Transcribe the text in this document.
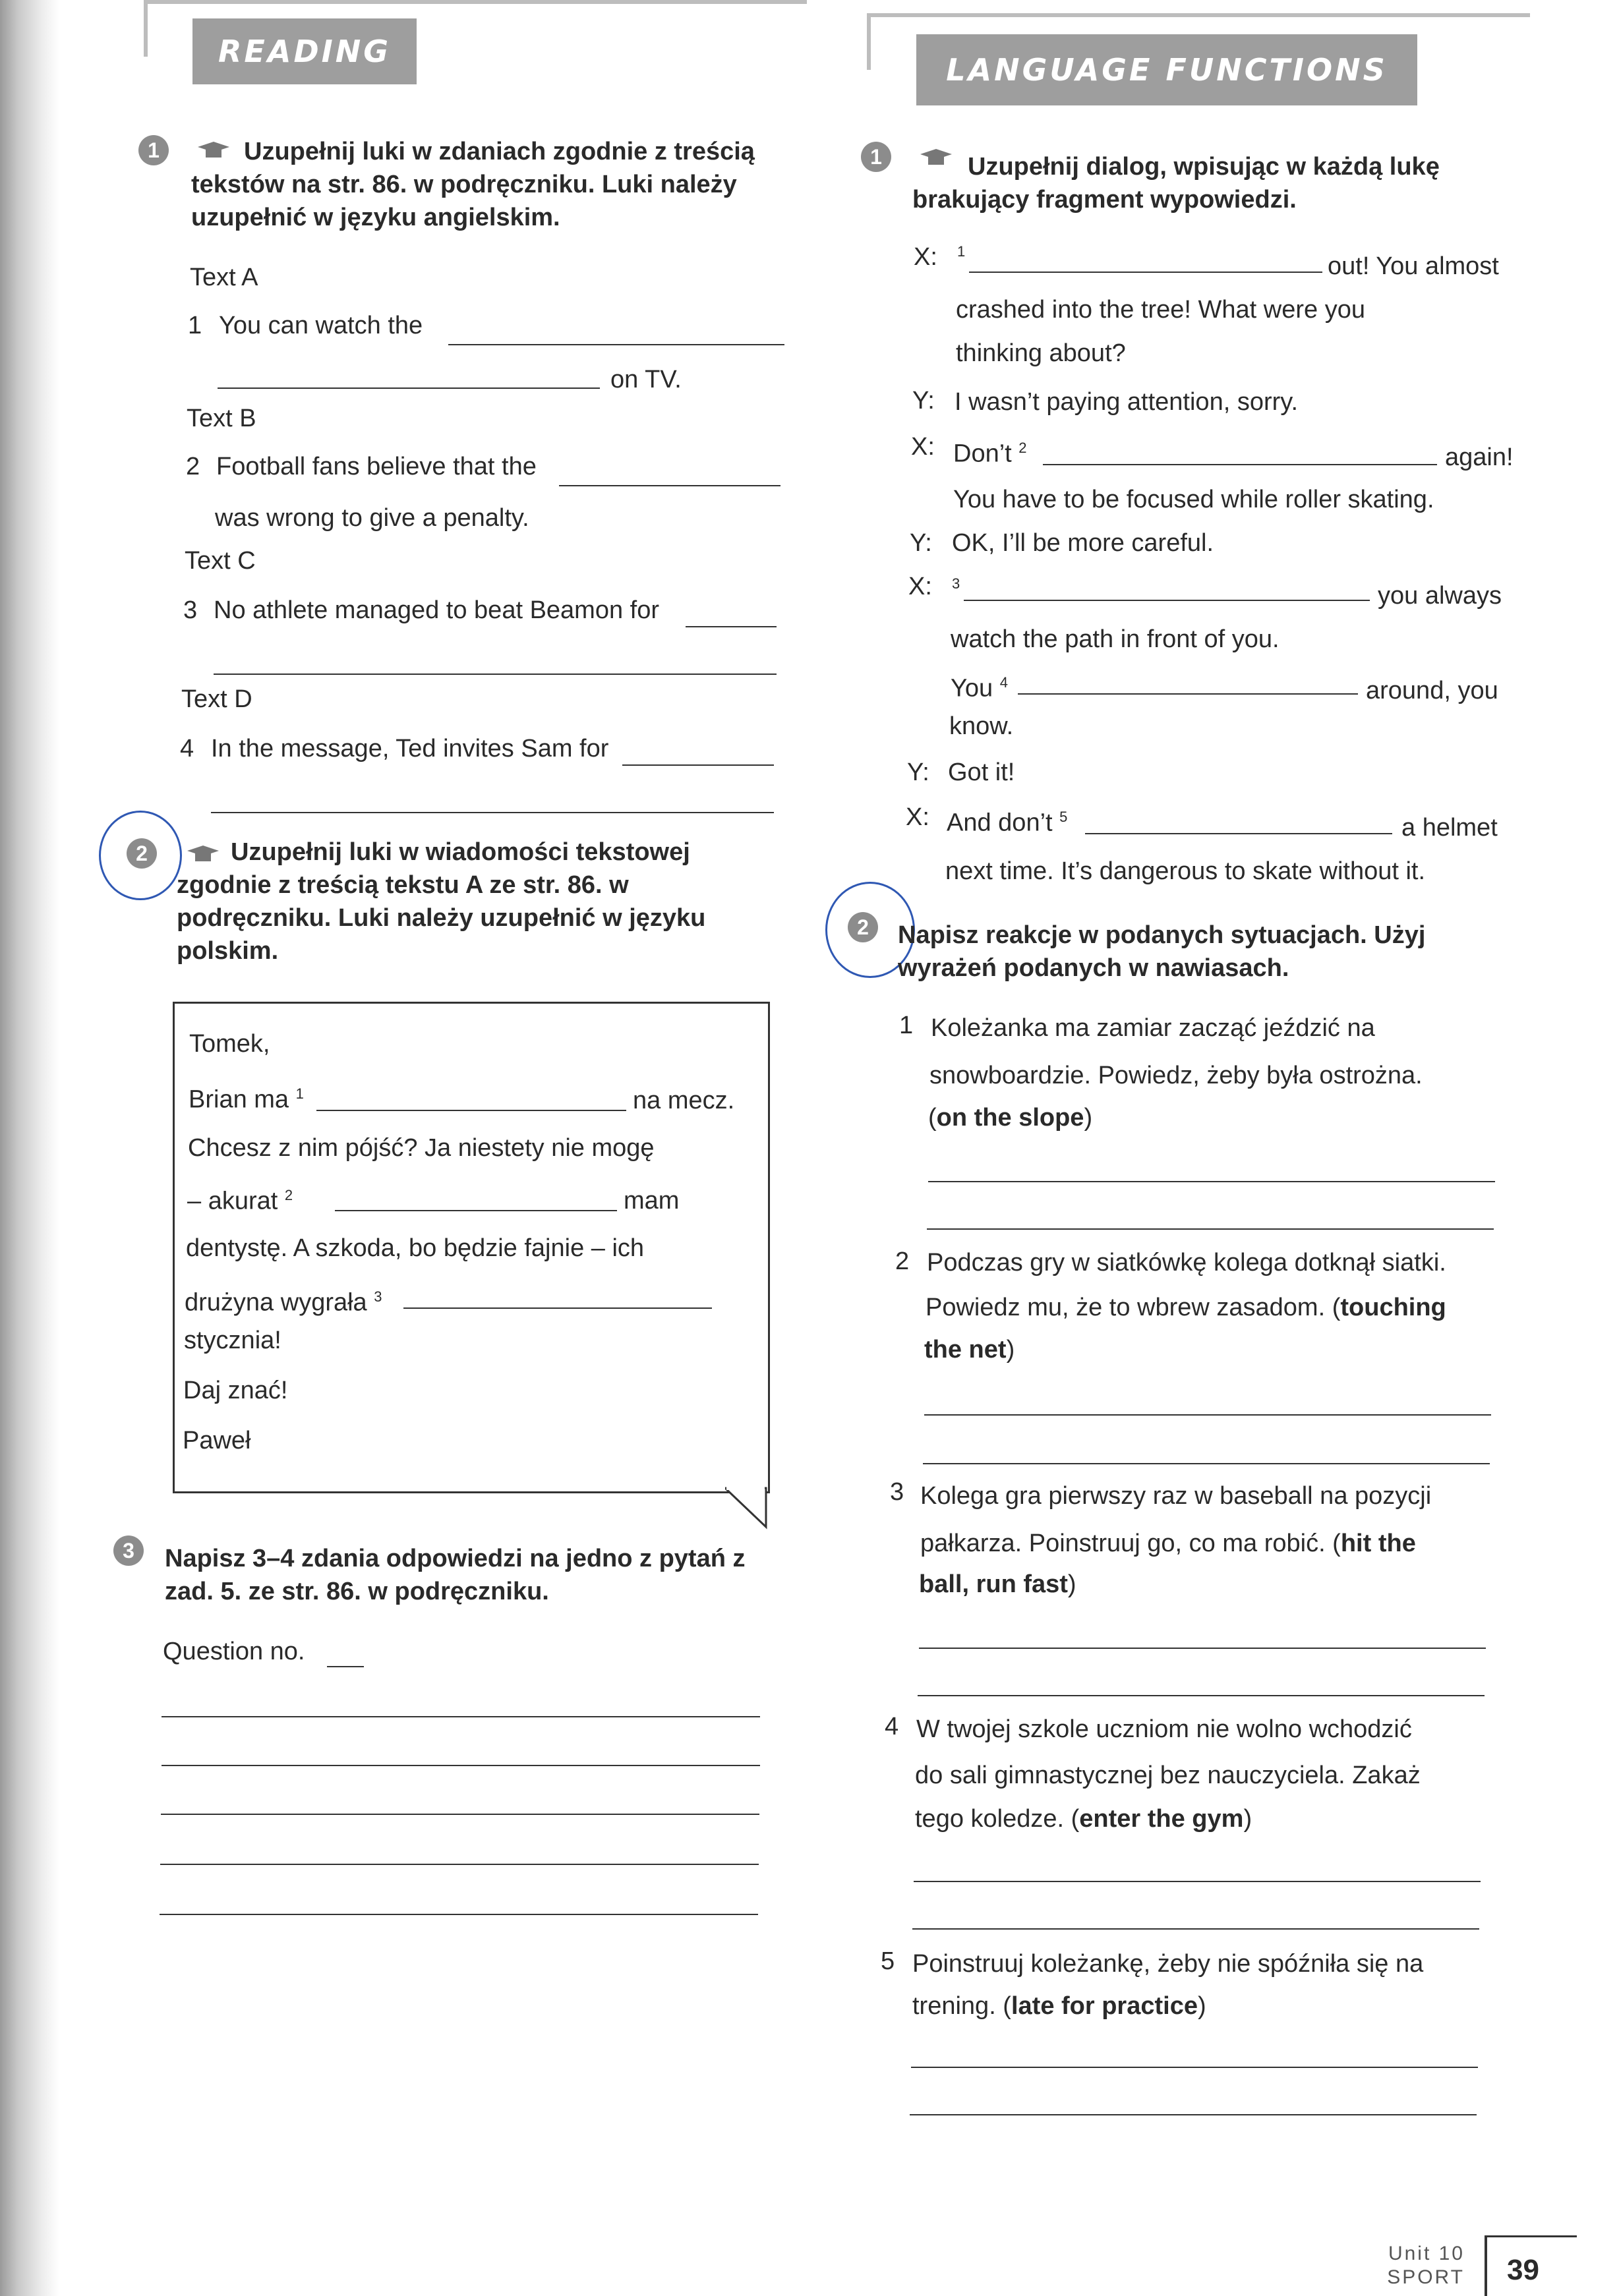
READING
1	Uzupełnij luki w zdaniach zgodnie z treścią tekstów na str. 86. w podręczniku. Luki należy uzupełnić w języku angielskim.
Text A
1 You can watch the
on TV.
Text B
2 Football fans believe that the
was wrong to give a penalty.
Text C
3 No athlete managed to beat Beamon for
Text D
4 In the message, Ted invites Sam for
2	Uzupełnij luki w wiadomości tekstowej zgodnie z treścią tekstu A ze str. 86. w podręczniku. Luki należy uzupełnić w języku polskim.
Tomek,
Brian ma $^1$	na mecz.
Chcesz z nim pójść? Ja niestety nie mogę
– akurat $^2$	mam
dentystę. A szkoda, bo będzie fajnie – ich
drużyna wygrała $^3$
stycznia!
Daj znać!
Paweł
3	Napisz 3–4 zdania odpowiedzi na jedno z pytań z zad. 5. ze str. 86. w podręczniku.
Question no.
LANGUAGE FUNCTIONS
1	Uzupełnij dialog, wpisując w każdą lukę brakujący fragment wypowiedzi.
X: 1
out! You almost
crashed into the tree! What were you
thinking about?
Y: I wasn’t paying attention, sorry.
X: Don’t $^2$	again!
You have to be focused while roller skating.
Y: OK, I’ll be more careful.
X: 3	you always
watch the path in front of you.
You $^4$	around, you
know.
Y: Got it!
X: And don’t $^5$	a helmet
next time. It’s dangerous to skate without it.
2	Napisz reakcje w podanych sytuacjach. Użyj wyrażeń podanych w nawiasach.
1 Koleżanka ma zamiar zacząć jeździć na
snowboardzie. Powiedz, żeby była ostrożna.
(on the slope)
2 Podczas gry w siatkówkę kolega dotknął siatki.
Powiedz mu, że to wbrew zasadom. (touching
the net)
3 Kolega gra pierwszy raz w baseball na pozycji
pałkarza. Poinstruuj go, co ma robić. (hit the
ball, run fast)
4 W twojej szkole uczniom nie wolno wchodzić
do sali gimnastycznej bez nauczyciela. Zakaż
tego koledze. (enter the gym)
5 Poinstruuj koleżankę, żeby nie spóźniła się na
trening. (late for practice)
Unit 10
SPORT 39
